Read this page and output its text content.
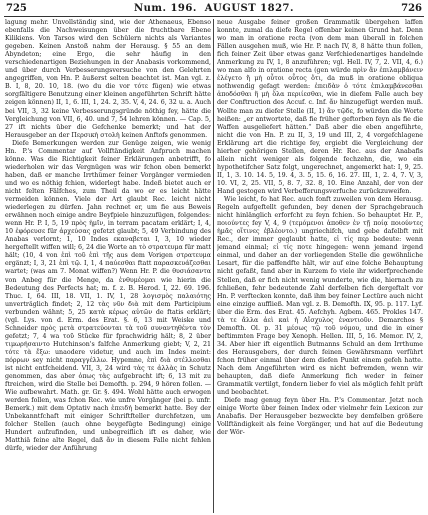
725	Num. 196. AUGUST 1827.	726

lagung mehr. Unvollständig sind, wie der Athenaeus, Ebenso ebenfalls die Nachweisungen über die fruchtbare Ebene Kilikiens. Von Tarsos wird den Schülern nichts als Variantes gegeben. Keinen Anstoß nahm der Herausg. § 55 an dem Abyndeton; eine Ergo, die sehr häufig in den verschiedenartigen Beziehungen in der Anabasis vorkommend, und über durch Verbesserungsversuche von den Gelehrten angegriffen, von Hn. P. äußerst selten beachtet ist. Man vgl. z. B. I, 8, 20. 10, 18. (wo du die vor τότε fügen) wie etwas sorgfältigere Benutzung einer kleinen angeführten Schrift hätte zeigen können) II, 1, 6. III, 1, 24. 2, 35. V, 4, 24. 6, 32 u. a. Auch bei VII, 3, 32 keine Verbesserungsgründe nöthig fey, hätte die Vergleichung von VII, 6, 40. und 7, 54 lehren können. — Cap. 5, 27 ift nichts über die Gefchenke bemerkt; und hat der Herausgeber an der Περσικὴ στολὴ keinen Anftofs genommen.

Diefe Bemerkungen werden zur Genüge zeigen, wie wenig Hn. P.'s Commentar auf Vollftändigkeit Anfpruch machen könne. Was die Richtigkeit feiner Erklärungen anbetrifft, fo wiederholen wir das Vergnügen was wir fchon oben bemerkt haben, daß er manche Irrthümer feiner Vorgänger vermieden und wo es nöthig fchien, widerlegt habe. Indeß bietet auch er nicht felten Fälfches, zum Theil da wo er es leicht hätte vermeiden können. Viele der Art glaubt Rec. leicht nicht wiederlegen zu dürfen. Jahn rechnet er, um fie aus Beweis erwähnen noch einige andre Beyfpiele hinzuzufügen, folgendes: wenn Hr. P. I, 5, 19 πρὸς ἡμῖν, in terram pacatam erklärt; I, 4, 10 ἐφόρευσε für ἀρχεύσας gefetzt glaubt; 5, 49 Verbindung des Anabas verlornt; 1, 10 Indes εκαναβεται I, 3, 10 wieder hergeftellt wiffen will; 6, 24 die Worte an τὸ στρατευμα für matt hält; (10, 4 von ἐπὶ τοῦ ἐπὶ τῆς aus dem Vorigen στρατευμα ergänzt; I, 3, 21 ἐπὶ τῷ. I, 1, 4 παύεσθαι ftatt παρασκευάζεσθαι wartet; (was am 7. Monat wiffen?) Wenn Hr. P. die θυσιάσαντα von Anbeg für die Menge, da ἐνθυμέομαι wie hierin die Bedeutung des Perfects hat; m. f. z. B. Herod. I, 22. 69. 196. Thuc. I, 64. III, 18. VII, 1. IV, 1, 28 λογισμὸς παλαιότης unverträglich findet; 2, 12 τὰς νῦν διὰ mit dem Participium verbunden wähnt; 5, 25 κατὰ κέρως αὐτῶν de ftatis erklärt; (vgl. Lys. von d. Erm. des Erat. §. 6, 13 mit Weiske und Schneider πρὸς μετὰ στρατεύονται τὰ τοῦ συναντηθέντα τὸν gefetzt; 7, 4 wa τοῦ Stücke für fprachwidrig hält; 8, 2 über τιμωρήσαιντο Hutchinson's falfche Anmerkung giebt; V, 2, 21 τότε τὰ ἔξω: unaodere videtur, und auch im Indes meint: πόρρων sey nicht παραγγέλλω. Hypemne, ἐπὶ διὰ στέλλεσθαι ist nicht entfcheidend. VII, 3, 24 wird τὰς τε ἀλλὰς in Schutz genommen, das aber ὁπως τὰς aufgebracht ift; 6, 13 mit zu ftreichen, wird die Stelle bei Demofth. p. 294, 9 hören follen. — Wie aufbewahrt. Math. gr. Gr. §. 494. Wohl hätte auch erwogen werden follen, was fchon Rec. wie unfre Vorgänger (bei p. unfr. Bemerk.) mit dem Optativ nach ἐπειδή bemerkt hatte. Bey der Unbekanntfchaft mit einiger Schriftfteller durchfetzen, um folcher Stellen (auch ohne beygefügte Bedingung) einige Hundert aufzufinden, und unbegreiflich ift es daher, wie Matthiä feine alte Regel, daß ἄν in diesem Falle nicht fehlen dürfe, wieder der Anführung

neue Ausgabe feiner großen Grammatik übergehen laffen konnte, zumal da diefe Regel offenbar keinen Grund hat. Denn wo man in oratione recta (von dem man überall in folchen Fällen ausgehen muß, wie Hr. P. nach IV, 8, 8 hätte thun follen, fich feiner Zeit über etwas ganz Verfchiedenartiges handelnde Anmerkung zu IV, 1, 8 anzuführen; vgl. Hell. IV, 7, 2. VII, 4, 6.) wo man alfo in oratione recta (gen würde πρὶν ἂν ἐπιλαμβάνειν ἐλέγετο ἢ μὴ οὗτοι οὗτος ὅτι, da muß in oratione obliqua nothwendig gefagt werden: ἐπειδὰν ὁ τότε ἐπιλαμβάνεσθαι ἀποδόσθαι ἢ μὴ ὅλα περιίεσθαι, wie in diefem Falle auch bey der Conftruction des Accuf. c. Inf. ἄν hinzugefügt werden muß. Wollte man zu diefer Stelle (II, 1) ἂν τῷδε, fo würden die Worte heißen: „er antwortete, daß fie früher geftorben feyn als fie die Waffen ausgeliefert hätten.“ Daß aber die eben angeführte, nicht die von Hn. P. zu II, 3, 19 und III, 2, 4 vorgefchlagene Erklärung art die richtige fey, ergiebt die Vergleichung der hierher gehörigen Stellen, deren Hr. Rec. aus der Anabafis allein nicht weniger als folgende fechzehn, die, wo ein hypothetifcher Satz folgt, ungerechnet, angemerkt hat: I, 9, 25. II, 1, 3. 10. 14. 5, 19. 4, 3. 5, 15. 6, 16. 27. III, 1, 2. 4, 7. V, 3, 10. VI, 2, 25. VII, 5, 8. 7, 32. 8, 10. Eine Anzahl, der von der Hand gestogen wird Verbefferungsverfuche zurückzuweifen.

Wie leicht, fo hat Rec. auch fonft zuweilen von dem Herausg. Regeln aufgeftellt gefunden, bey denen der Sprachgebrauch nicht hinlänglich erforfcht zu feyn fchien. So behauptet Hr. P., ποιούντες fey V, 4, 9 (τεμόμενοι ἀποθεν ἐν τῇ ποίᾳ ποιούντες ἡμᾶς οἵτινες ἐβλέοντο.) ungriechifch, und gebe dafelbft mit Rec., der immer geglaubt hatte, εἰ τίς περ bedeute: wenn jemand einmal; εἰ τίς ποτε hingegen: wenn jemand irgend einmal, und daher an der vorliegenden Stelle die gewöhnliche Lesart, für die paffendfte hält, wir auf eine folche Behauptung nicht gefaßt, fand aber in Kurzem fo viele ihr widerfprechende Stellen, daß er fich nicht wenig wunderte, wie die, hiernach zu fchließen, fehr bedeutende Zahl derfelben fich dergeftalt vor Hn. P. verftecken konnte, daß ihm bey feiner Lectüre auch nicht eine einzige auffließ. Man vgl. z. B. Demofth. IX, 95. p. 117. Lyf. über die Erm. des Erat. 45. Aefchyh. Agbem. 465. Prokles 147. τὰ τε ἄλλα ἀεὶ καὶ ἡ Αἴσχυλος ἐναντιοῦν. Demarchos § Demofth. Ol. p. 31 μέσως τῷ τοῦ νόμου, und die in einer beftimmten Frage bey Xenoph. Hellen. III, 5, 16. Memor. IV, 2, 34. Aber hier ift eigentlich Butmanns Schuld an dem Irrthume des Herausgebers, der durch feinen Gewährsmann verführt fchon früher einmal über dem diefen Punkt einem gefeh hatte. Nach dem Angeführten wird es nicht befremden, wenn wir behaupten, daß diefe Anmerkung fich weder in feiner Grammatik vertilgt, fondern lieber fo viel als möglich fehlt prüft und beobachtet.

Diefe mag genug feyn über Hn. P.'s Commentar. Jetzt noch einige Worte über feinen Index oder vielmehr fein Lexicon zur Anabafis. Der Herausgeber bezweckte bey demfelben größere Vollftändigkeit als feine Vorgänger, und hat auf die Bedeutung der Wör-
